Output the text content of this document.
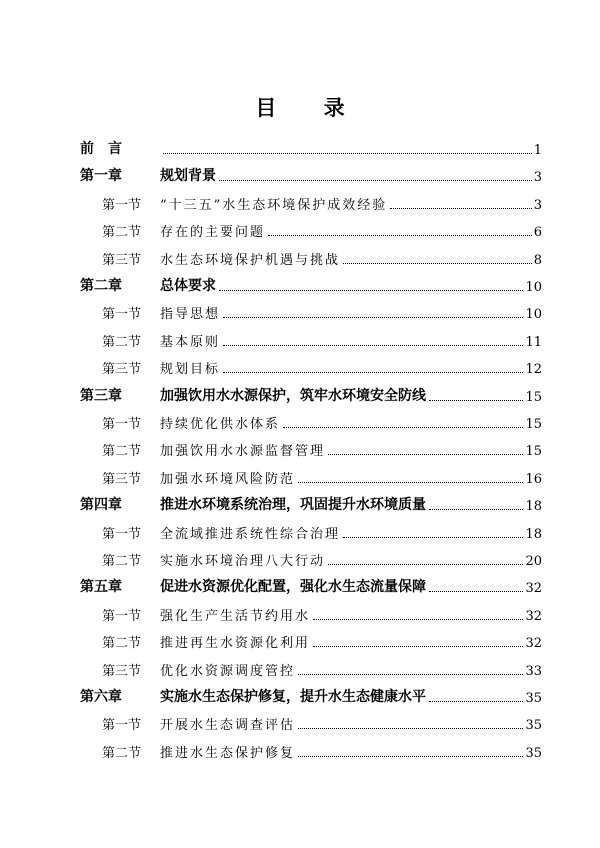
目 录
前　言	1
第一章	规划背景	3
第一节	“十三五”水生态环境保护成效经验	3
第二节	存在的主要问题	6
第三节	水生态环境保护机遇与挑战	8
第二章	总体要求	10
第一节	指导思想	10
第二节	基本原则	11
第三节	规划目标	12
第三章	加强饮用水水源保护，筑牢水环境安全防线	15
第一节	持续优化供水体系	15
第二节	加强饮用水水源监督管理	15
第三节	加强水环境风险防范	16
第四章	推进水环境系统治理，巩固提升水环境质量	18
第一节	全流域推进系统性综合治理	18
第二节	实施水环境治理八大行动	20
第五章	促进水资源优化配置，强化水生态流量保障	32
第一节	强化生产生活节约用水	32
第二节	推进再生水资源化利用	32
第三节	优化水资源调度管控	33
第六章	实施水生态保护修复，提升水生态健康水平	35
第一节	开展水生态调查评估	35
第二节	推进水生态保护修复	35
